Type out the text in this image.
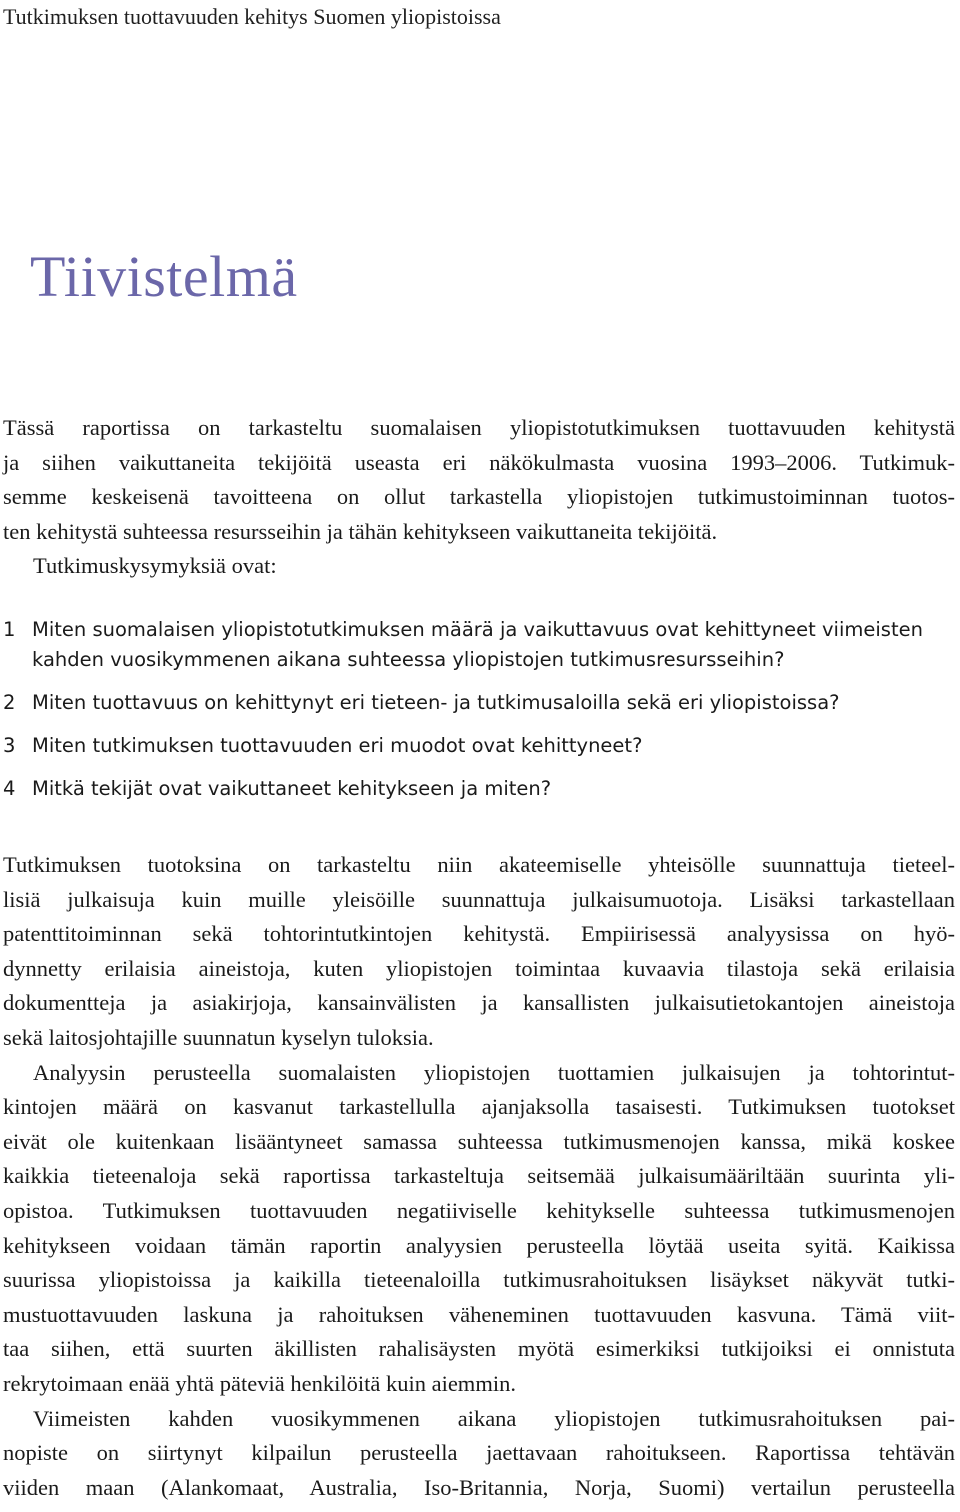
Tutkimuksen tuottavuuden kehitys Suomen yliopistoissa
Tiivistelmä
Tässä raportissa on tarkasteltu suomalaisen yliopistotutkimuksen tuottavuuden kehitystä
ja siihen vaikuttaneita tekijöitä useasta eri näkökulmasta vuosina 1993–2006. Tutkimuk-
semme keskeisenä tavoitteena on ollut tarkastella yliopistojen tutkimustoiminnan tuotos-
ten kehitystä suhteessa resursseihin ja tähän kehitykseen vaikuttaneita tekijöitä.
Tutkimuskysymyksiä ovat:
1 Miten suomalaisen yliopistotutkimuksen määrä ja vaikuttavuus ovat kehittyneet viimeisten
kahden vuosikymmenen aikana suhteessa yliopistojen tutkimusresursseihin?
2 Miten tuottavuus on kehittynyt eri tieteen- ja tutkimusaloilla sekä eri yliopistoissa?
3 Miten tutkimuksen tuottavuuden eri muodot ovat kehittyneet?
4 Mitkä tekijät ovat vaikuttaneet kehitykseen ja miten?
Tutkimuksen tuotoksina on tarkasteltu niin akateemiselle yhteisölle suunnattuja tieteel-
lisiä julkaisuja kuin muille yleisöille suunnattuja julkaisumuotoja. Lisäksi tarkastellaan
patenttitoiminnan sekä tohtorintutkintojen kehitystä. Empiirisessä analyysissa on hyö-
dynnetty erilaisia aineistoja, kuten yliopistojen toimintaa kuvaavia tilastoja sekä erilaisia
dokumentteja ja asiakirjoja, kansainvälisten ja kansallisten julkaisutietokantojen aineistoja
sekä laitosjohtajille suunnatun kyselyn tuloksia.
Analyysin perusteella suomalaisten yliopistojen tuottamien julkaisujen ja tohtorintut-
kintojen määrä on kasvanut tarkastellulla ajanjaksolla tasaisesti. Tutkimuksen tuotokset
eivät ole kuitenkaan lisääntyneet samassa suhteessa tutkimusmenojen kanssa, mikä koskee
kaikkia tieteenaloja sekä raportissa tarkasteltuja seitsemää julkaisumääriltään suurinta yli-
opistoa. Tutkimuksen tuottavuuden negatiiviselle kehitykselle suhteessa tutkimusmenojen
kehitykseen voidaan tämän raportin analyysien perusteella löytää useita syitä. Kaikissa
suurissa yliopistoissa ja kaikilla tieteenaloilla tutkimusrahoituksen lisäykset näkyvät tutki-
mustuottavuuden laskuna ja rahoituksen väheneminen tuottavuuden kasvuna. Tämä viit-
taa siihen, että suurten äkillisten rahalisäysten myötä esimerkiksi tutkijoiksi ei onnistuta
rekrytoimaan enää yhtä päteviä henkilöitä kuin aiemmin.
Viimeisten kahden vuosikymmenen aikana yliopistojen tutkimusrahoituksen pai-
nopiste on siirtynyt kilpailun perusteella jaettavaan rahoitukseen. Raportissa tehtävän
viiden maan (Alankomaat, Australia, Iso-Britannia, Norja, Suomi) vertailun perusteella
